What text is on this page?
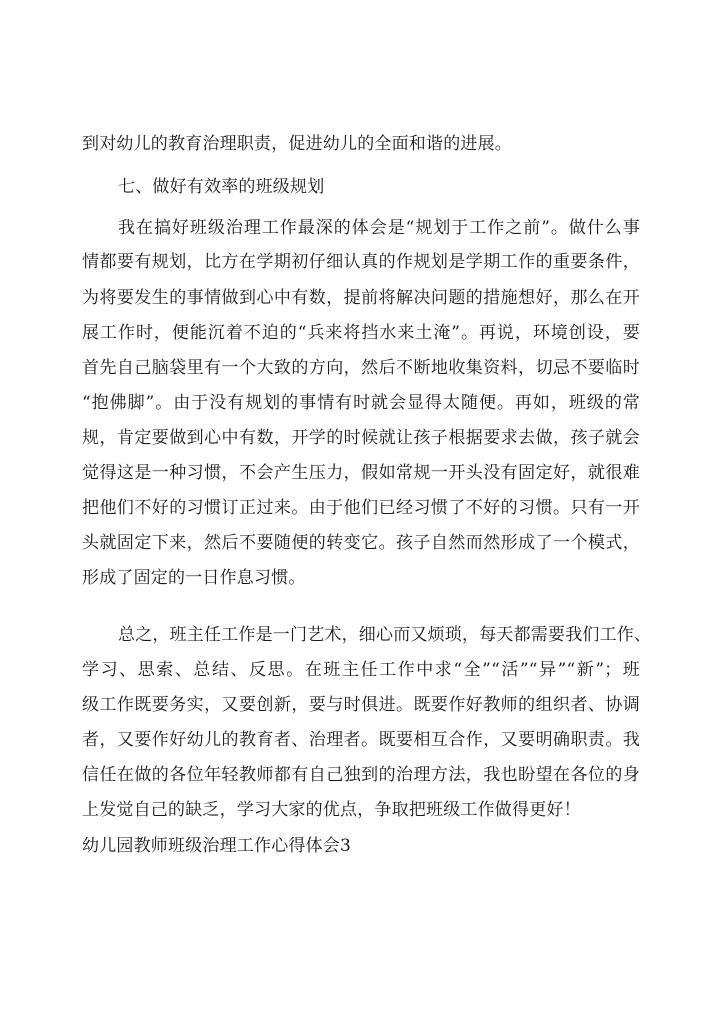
到对幼儿的教育治理职责，促进幼儿的全面和谐的进展。
七、做好有效率的班级规划
我在搞好班级治理工作最深的体会是“规划于工作之前”。做什么事
情都要有规划，比方在学期初仔细认真的作规划是学期工作的重要条件，
为将要发生的事情做到心中有数，提前将解决问题的措施想好，那么在开
展工作时，便能沉着不迫的“兵来将挡水来土淹”。再说，环境创设，要
首先自己脑袋里有一个大致的方向，然后不断地收集资料，切忌不要临时
“抱佛脚”。由于没有规划的事情有时就会显得太随便。再如，班级的常
规，肯定要做到心中有数，开学的时候就让孩子根据要求去做，孩子就会
觉得这是一种习惯，不会产生压力，假如常规一开头没有固定好，就很难
把他们不好的习惯订正过来。由于他们已经习惯了不好的习惯。只有一开
头就固定下来，然后不要随便的转变它。孩子自然而然形成了一个模式，
形成了固定的一日作息习惯。
总之，班主任工作是一门艺术，细心而又烦琐，每天都需要我们工作、
学习、思索、总结、反思。在班主任工作中求“全”“活”“异”“新”；班
级工作既要务实，又要创新，要与时俱进。既要作好教师的组织者、协调
者，又要作好幼儿的教育者、治理者。既要相互合作，又要明确职责。我
信任在做的各位年轻教师都有自己独到的治理方法，我也盼望在各位的身
上发觉自己的缺乏，学习大家的优点，争取把班级工作做得更好！
幼儿园教师班级治理工作心得体会3
